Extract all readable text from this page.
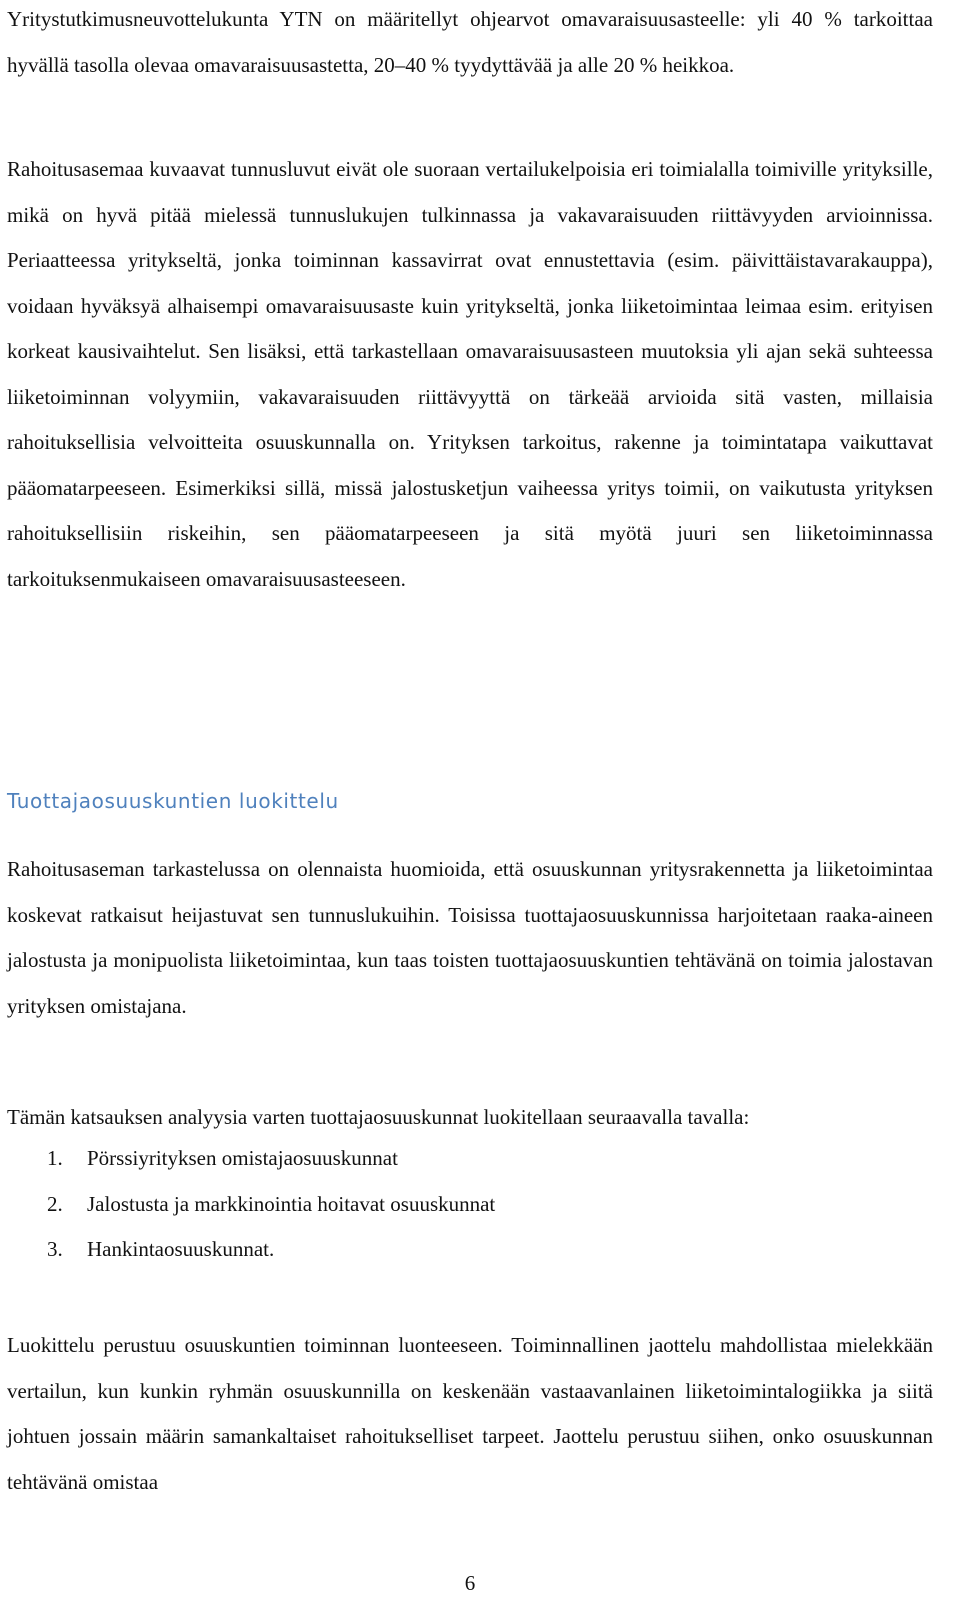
Yritystutkimusneuvottelukunta YTN on määritellyt ohjearvot omavaraisuusasteelle: yli 40 % tarkoittaa hyvällä tasolla olevaa omavaraisuusastetta, 20–40 % tyydyttävää ja alle 20 % heikkoa.

Rahoitusasemaa kuvaavat tunnusluvut eivät ole suoraan vertailukelpoisia eri toimialalla toimiville yrityksille, mikä on hyvä pitää mielessä tunnuslukujen tulkinnassa ja vakavaraisuuden riittävyyden arvioinnissa. Periaatteessa yritykseltä, jonka toiminnan kassavirrat ovat ennustettavia (esim. päivittäistavarakauppa), voidaan hyväksyä alhaisempi omavaraisuusaste kuin yritykseltä, jonka liiketoimintaa leimaa esim. erityisen korkeat kausivaihtelut. Sen lisäksi, että tarkastellaan omavaraisuusasteen muutoksia yli ajan sekä suhteessa liiketoiminnan volyymiin, vakavaraisuuden riittävyyttä on tärkeää arvioida sitä vasten, millaisia rahoituksellisia velvoitteita osuuskunnalla on. Yrityksen tarkoitus, rakenne ja toimintatapa vaikuttavat pääomatarpeeseen. Esimerkiksi sillä, missä jalostusketjun vaiheessa yritys toimii, on vaikutusta yrityksen rahoituksellisiin riskeihin, sen pääomatarpeeseen ja sitä myötä juuri sen liiketoiminnassa tarkoituksenmukaiseen omavaraisuusasteeseen.

Tuottajaosuuskuntien luokittelu

Rahoitusaseman tarkastelussa on olennaista huomioida, että osuuskunnan yritysrakennetta ja liiketoimintaa koskevat ratkaisut heijastuvat sen tunnuslukuihin. Toisissa tuottajaosuuskunnissa harjoitetaan raaka-aineen jalostusta ja monipuolista liiketoimintaa, kun taas toisten tuottajaosuuskuntien tehtävänä on toimia jalostavan yrityksen omistajana.

Tämän katsauksen analyysia varten tuottajaosuuskunnat luokitellaan seuraavalla tavalla:

1.	Pörssiyrityksen omistajaosuuskunnat
2.	Jalostusta ja markkinointia hoitavat osuuskunnat
3.	Hankintaosuuskunnat.

Luokittelu perustuu osuuskuntien toiminnan luonteeseen. Toiminnallinen jaottelu mahdollistaa mielekkään vertailun, kun kunkin ryhmän osuuskunnilla on keskenään vastaavanlainen liiketoimintalogiikka ja siitä johtuen jossain määrin samankaltaiset rahoitukselliset tarpeet. Jaottelu perustuu siihen, onko osuuskunnan tehtävänä omistaa

6
